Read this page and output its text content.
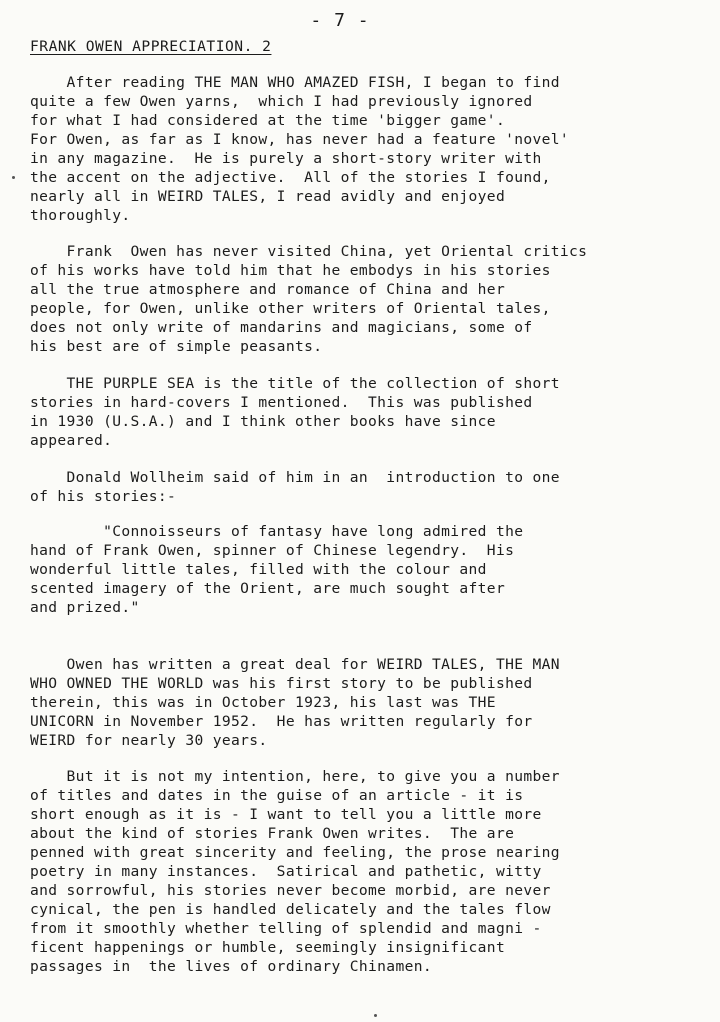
- 7 -
FRANK OWEN APPRECIATION. 2
After reading THE MAN WHO AMAZED FISH, I began to find
quite a few Owen yarns,  which I had previously ignored
for what I had considered at the time 'bigger game'.
For Owen, as far as I know, has never had a feature 'novel'
in any magazine.  He is purely a short-story writer with
the accent on the adjective.  All of the stories I found,
nearly all in WEIRD TALES, I read avidly and enjoyed
thoroughly.
Frank  Owen has never visited China, yet Oriental critics
of his works have told him that he embodys in his stories
all the true atmosphere and romance of China and her
people, for Owen, unlike other writers of Oriental tales,
does not only write of mandarins and magicians, some of
his best are of simple peasants.
THE PURPLE SEA is the title of the collection of short
stories in hard-covers I mentioned.  This was published
in 1930 (U.S.A.) and I think other books have since
appeared.
Donald Wollheim said of him in an  introduction to one
of his stories:-
"Connoisseurs of fantasy have long admired the
hand of Frank Owen, spinner of Chinese legendry.  His
wonderful little tales, filled with the colour and
scented imagery of the Orient, are much sought after
and prized."
Owen has written a great deal for WEIRD TALES, THE MAN
WHO OWNED THE WORLD was his first story to be published
therein, this was in October 1923, his last was THE
UNICORN in November 1952.  He has written regularly for
WEIRD for nearly 30 years.
But it is not my intention, here, to give you a number
of titles and dates in the guise of an article - it is
short enough as it is - I want to tell you a little more
about the kind of stories Frank Owen writes.  The are
penned with great sincerity and feeling, the prose nearing
poetry in many instances.  Satirical and pathetic, witty
and sorrowful, his stories never become morbid, are never
cynical, the pen is handled delicately and the tales flow
from it smoothly whether telling of splendid and magni -
ficent happenings or humble, seemingly insignificant
passages in  the lives of ordinary Chinamen.
